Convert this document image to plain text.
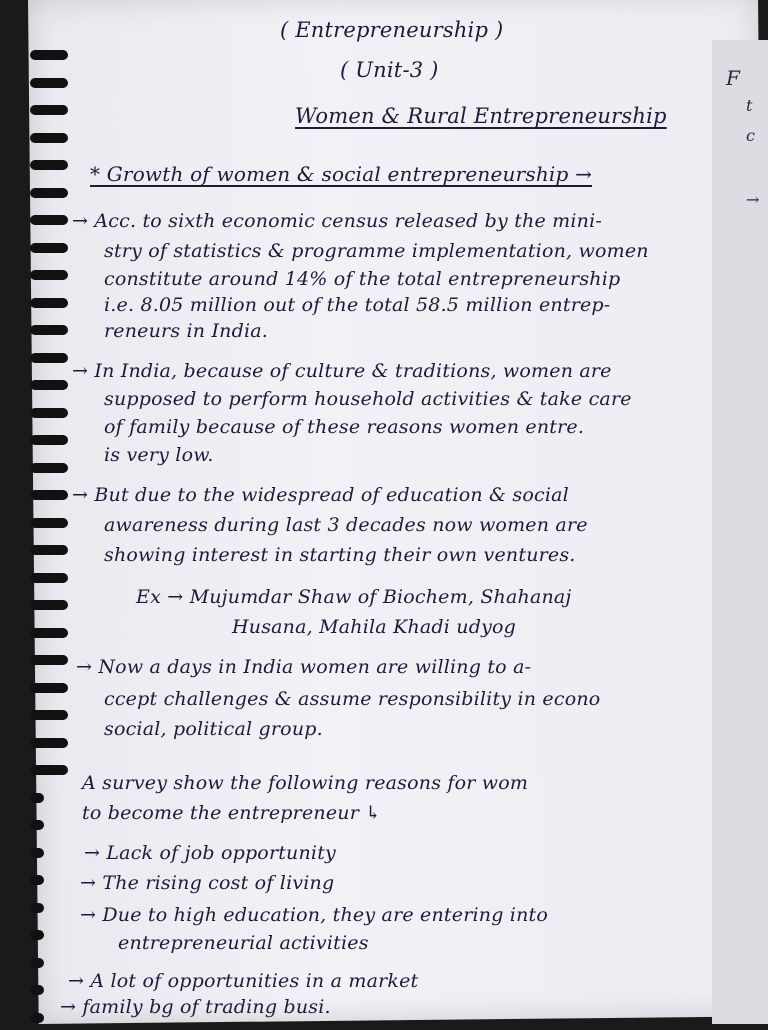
( Entrepreneurship )
( Unit-3 )
Women & Rural Entrepreneurship
* Growth of women & social entrepreneurship →
→ Acc. to sixth economic census released by the mini-
stry of statistics & programme implementation, women
constitute around 14% of the total entrepreneurship
i.e. 8.05 million out of the total 58.5 million entrep-
reneurs in India.
→ In India, because of culture & traditions, women are
supposed to perform household activities & take care
of family because of these reasons women entre.
is very low.
→ But due to the widespread of education & social
awareness during last 3 decades now women are
showing interest in starting their own ventures.
Ex → Mujumdar Shaw of Biochem, Shahanaj
Husana, Mahila Khadi udyog
→ Now a days in India women are willing to a-
ccept challenges & assume responsibility in econo
social, political group.
A survey show the following reasons for wom
to become the entrepreneur ↳
→ Lack of job opportunity
→ The rising cost of living
→ Due to high education, they are entering into
entrepreneurial activities
→ A lot of opportunities in a market
→ family bg of trading busi.
F
t
c
→
